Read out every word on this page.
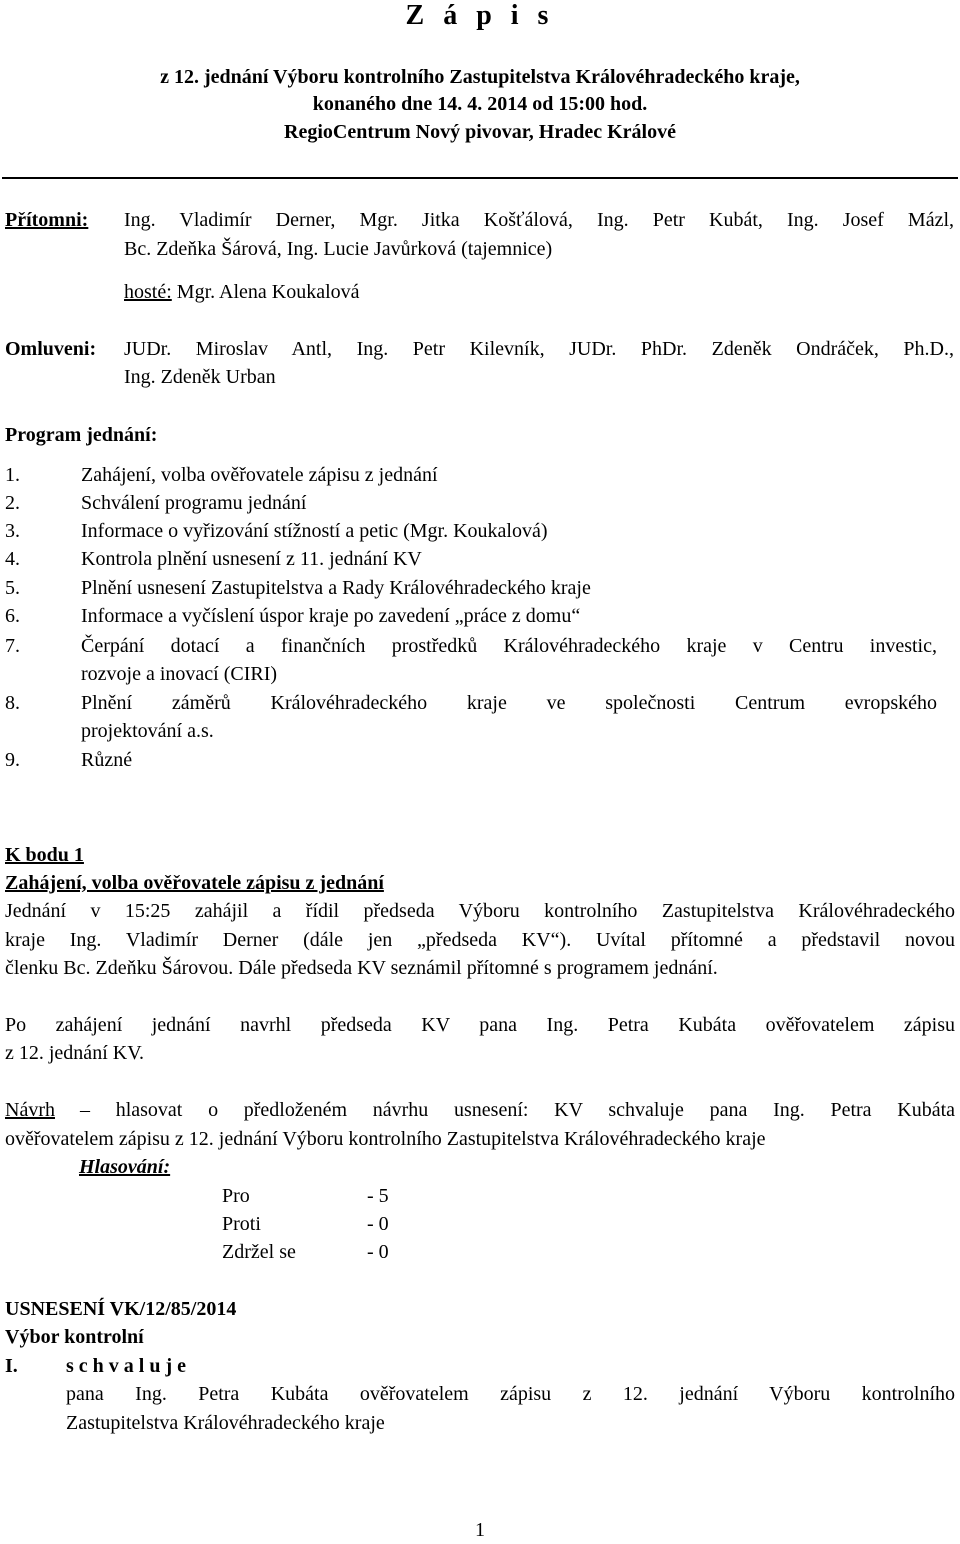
Z á p i s
z 12. jednání Výboru kontrolního Zastupitelstva Královéhradeckého kraje,
konaného dne 14. 4. 2014 od 15:00 hod.
RegioCentrum Nový pivovar, Hradec Králové
Přítomni: Ing. Vladimír Derner, Mgr. Jitka Košťálová, Ing. Petr Kubát, Ing. Josef Mázl,
Bc. Zdeňka Šárová, Ing. Lucie Javůrková (tajemnice)
hosté: Mgr. Alena Koukalová
Omluveni: JUDr. Miroslav Antl, Ing. Petr Kilevník, JUDr. PhDr. Zdeněk Ondráček, Ph.D.,
Ing. Zdeněk Urban
Program jednání:
1.	Zahájení, volba ověřovatele zápisu z jednání
2.	Schválení programu jednání
3.	Informace o vyřizování stížností a petic (Mgr. Koukalová)
4.	Kontrola plnění usnesení z 11. jednání KV
5.	Plnění usnesení Zastupitelstva a Rady Královéhradeckého kraje
6.	Informace a vyčíslení úspor kraje po zavedení „práce z domu“
7.	Čerpání dotací a finančních prostředků Královéhradeckého kraje v Centru investic,
rozvoje a inovací (CIRI)
8.	Plnění záměrů Královéhradeckého kraje ve společnosti Centrum evropského
projektování a.s.
9.	Různé
K bodu 1
Zahájení, volba ověřovatele zápisu z jednání
Jednání v 15:25 zahájil a řídil předseda Výboru kontrolního Zastupitelstva Královéhradeckého
kraje Ing. Vladimír Derner (dále jen „předseda KV“). Uvítal přítomné a představil novou
členku Bc. Zdeňku Šárovou. Dále předseda KV seznámil přítomné s programem jednání.
Po zahájení jednání navrhl předseda KV pana Ing. Petra Kubáta ověřovatelem zápisu
z 12. jednání KV.
Návrh – hlasovat o předloženém návrhu usnesení: KV schvaluje pana Ing. Petra Kubáta
ověřovatelem zápisu z 12. jednání Výboru kontrolního Zastupitelstva Královéhradeckého kraje
Hlasování:
Pro	- 5
Proti	- 0
Zdržel se	- 0
USNESENÍ VK/12/85/2014
Výbor kontrolní
I. s c h v a l u j e
pana Ing. Petra Kubáta ověřovatelem zápisu z 12. jednání Výboru kontrolního
Zastupitelstva Královéhradeckého kraje
1
